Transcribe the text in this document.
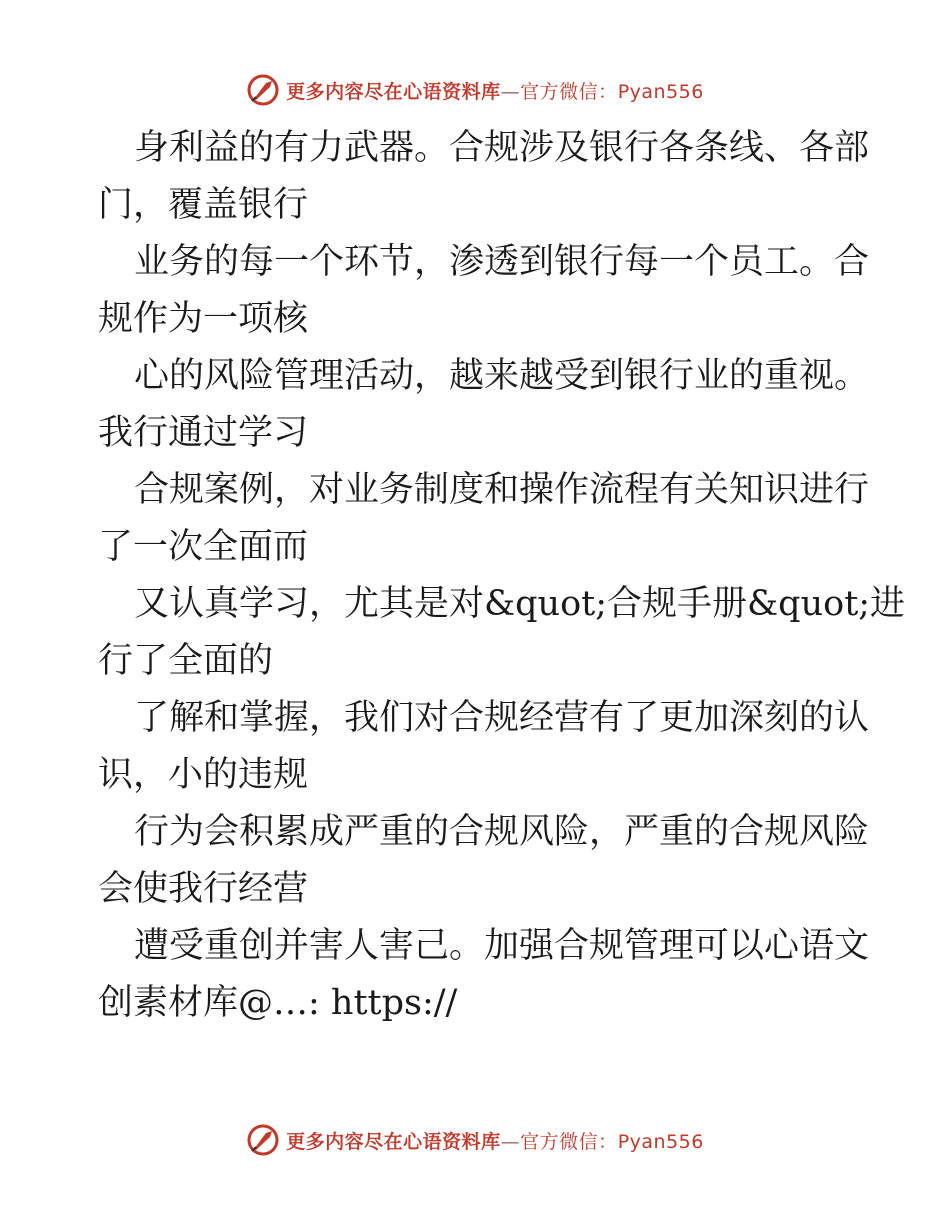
更多内容尽在心语资料库—官方微信：Pyan556

身利益的有力武器。合规涉及银行各条线、各部
门，覆盖银行

业务的每一个环节，渗透到银行每一个员工。合
规作为一项核

心的风险管理活动，越来越受到银行业的重视。
我行通过学习

合规案例，对业务制度和操作流程有关知识进行
了一次全面而

又认真学习，尤其是对&quot;合规手册&quot;进
行了全面的

了解和掌握，我们对合规经营有了更加深刻的认
识，小的违规

行为会积累成严重的合规风险，严重的合规风险
会使我行经营

遭受重创并害人害己。加强合规管理可以心语文
创素材库@…: https://

更多内容尽在心语资料库—官方微信：Pyan556
